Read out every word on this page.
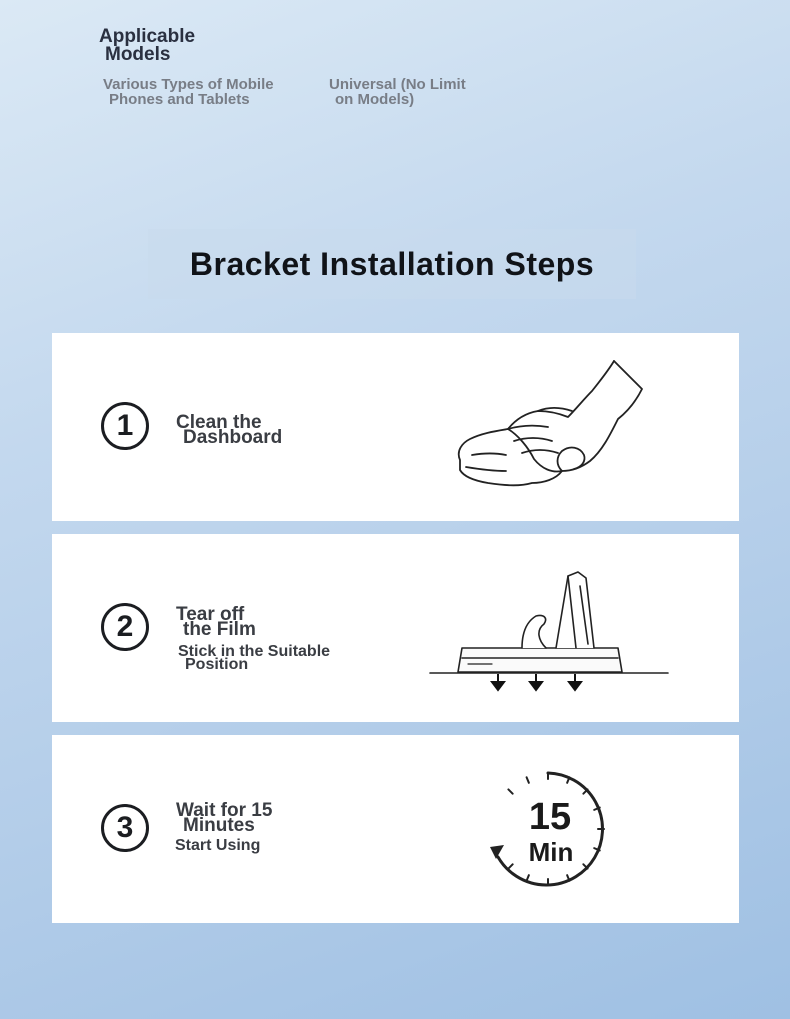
Applicable
Models
Various Types of Mobile
Phones and Tablets
Universal (No Limit
on Models)
Bracket Installation Steps
1	Clean the
Dashboard
2	Tear off
the Film
Stick in the Suitable
Position
3
Wait for 15
Minutes
Start Using
15
Min
